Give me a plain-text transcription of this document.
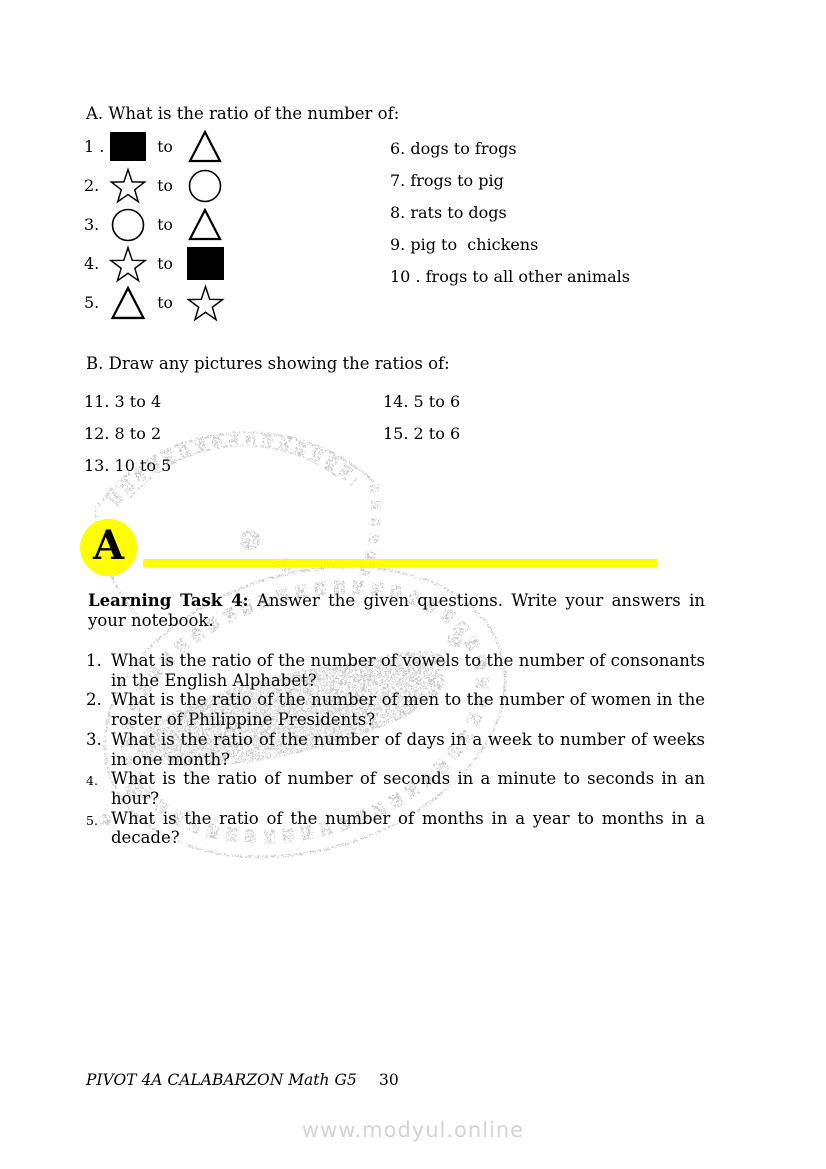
A. What is the ratio of the number of:
1 .	to
2.	to
3.	to
4.	to
5.	to
6. dogs to frogs
7. frogs to pig
8. rats to dogs
9. pig to  chickens
10 . frogs to all other animals
B. Draw any pictures showing the ratios of:
11. 3 to 4
12. 8 to 2
13. 10 to 5
14. 5 to 6
15. 2 to 6
A
Learning Task 4: Answer the given questions. Write your answers in your notebook.
1. What is the ratio of the number of vowels to the number of consonants in the English Alphabet?
2. What is the ratio of the number of men to the number of women in the roster of Philippine Presidents?
3. What is the ratio of the number of days in a week to number of weeks in one month?
4. What is the ratio of number of seconds in a minute to seconds in an hour?
5. What is the ratio of the number of months in a year to months in a decade?
PIVOT 4A CALABARZON Math G5 30
www.modyul.online
